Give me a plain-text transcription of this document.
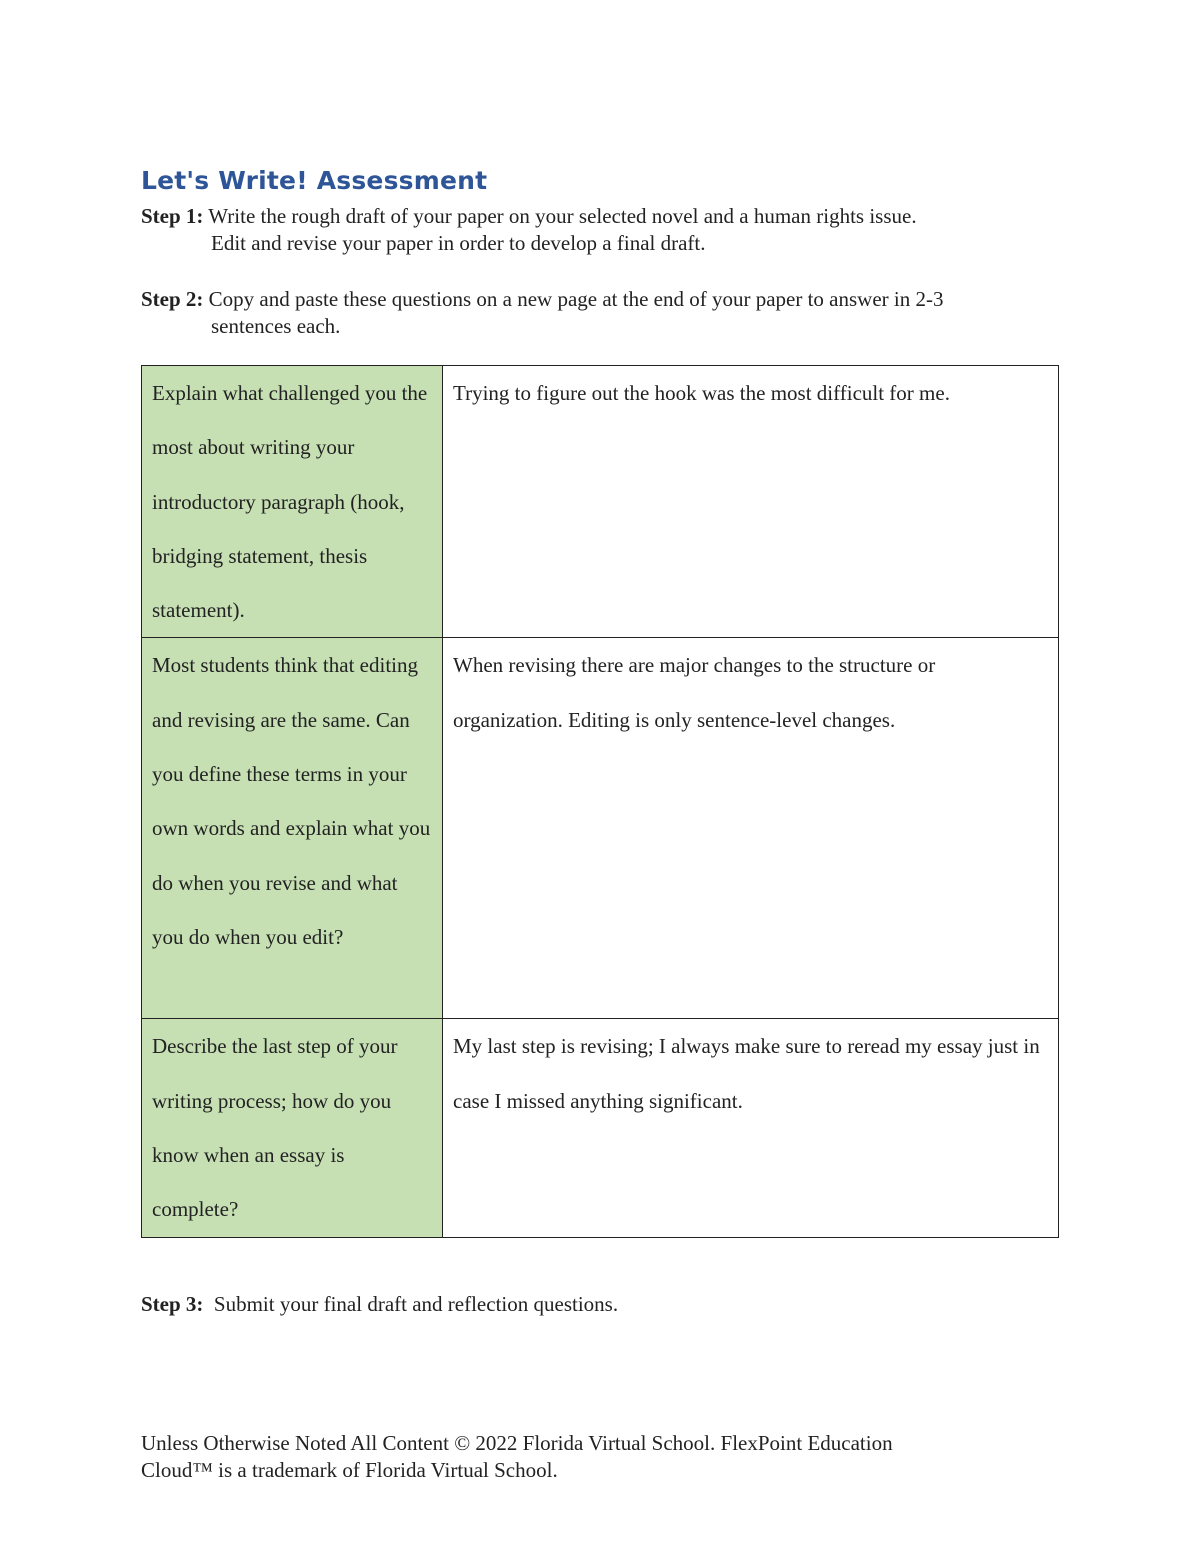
Let's Write! Assessment
Step 1: Write the rough draft of your paper on your selected novel and a human rights issue.
Edit and revise your paper in order to develop a final draft.
Step 2: Copy and paste these questions on a new page at the end of your paper to answer in 2-3
sentences each.
Explain what challenged you the most about writing your introductory paragraph (hook, bridging statement, thesis statement).	Trying to figure out the hook was the most difficult for me.
Most students think that editing and revising are the same. Can you define these terms in your own words and explain what you do when you revise and what you do when you edit?	When revising there are major changes to the structure or organization. Editing is only sentence-level changes.
Describe the last step of your writing process; how do you know when an essay is complete?	My last step is revising; I always make sure to reread my essay just in case I missed anything significant.
Step 3: Submit your final draft and reflection questions.
Unless Otherwise Noted All Content © 2022 Florida Virtual School. FlexPoint Education
Cloud™ is a trademark of Florida Virtual School.
